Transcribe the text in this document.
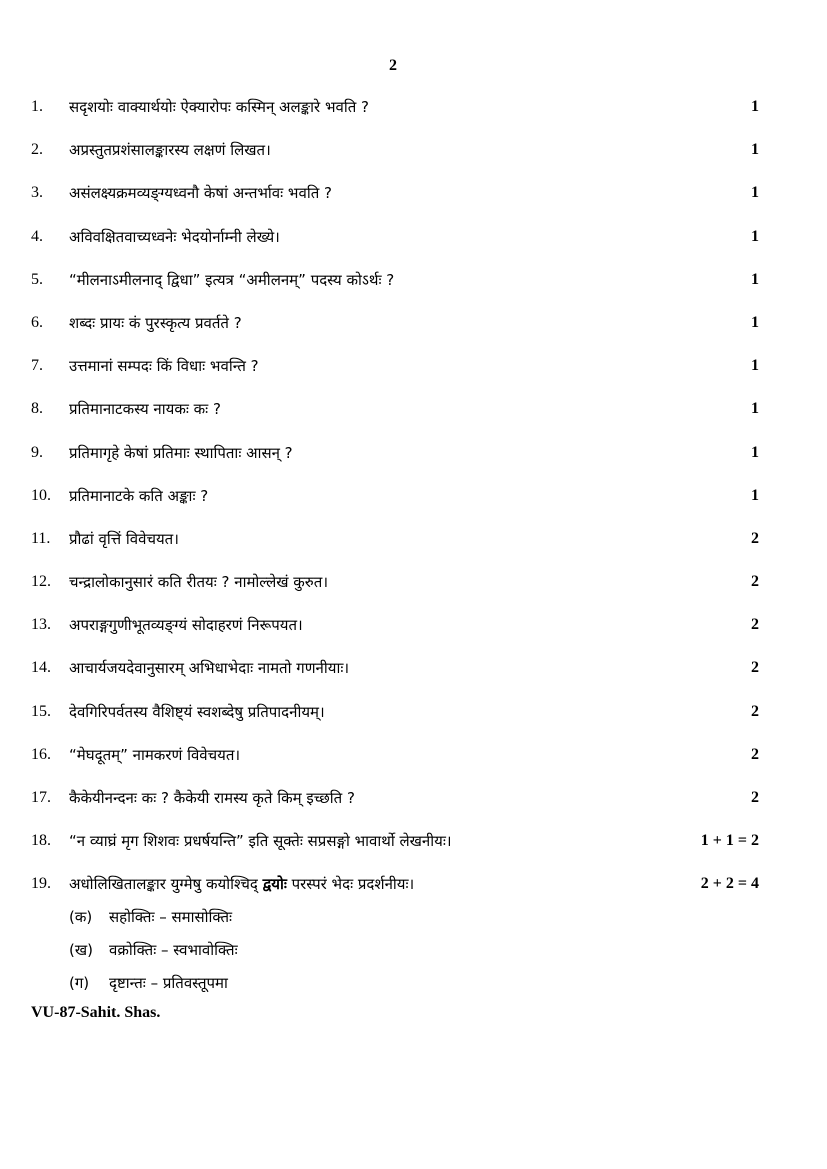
2
1.	सदृशयोः वाक्यार्थयोः ऐक्यारोपः कस्मिन् अलङ्कारे भवति ?	1
2.	अप्रस्तुतप्रशंसालङ्कारस्य लक्षणं लिखत।	1
3.	असंलक्ष्यक्रमव्यङ्ग्यध्वनौ केषां अन्तर्भावः भवति ?	1
4.	अविवक्षितवाच्यध्वनेः भेदयोर्नाम्नी लेख्ये।	1
5.	“मीलनाऽमीलनाद् द्विधा” इत्यत्र “अमीलनम्” पदस्य कोऽर्थः ?	1
6.	शब्दः प्रायः कं पुरस्कृत्य प्रवर्तते ?	1
7.	उत्तमानां सम्पदः किं विधाः भवन्ति ?	1
8.	प्रतिमानाटकस्य नायकः कः ?	1
9.	प्रतिमागृहे केषां प्रतिमाः स्थापिताः आसन् ?	1
10.	प्रतिमानाटके कति अङ्काः ?	1
11.	प्रौढां वृत्तिं विवेचयत।	2
12.	चन्द्रालोकानुसारं कति रीतयः ? नामोल्लेखं कुरुत।	2
13.	अपराङ्गगुणीभूतव्यङ्ग्यं सोदाहरणं निरूपयत।	2
14.	आचार्यजयदेवानुसारम् अभिधाभेदाः नामतो गणनीयाः।	2
15.	देवगिरिपर्वतस्य वैशिष्ट्यं स्वशब्देषु प्रतिपादनीयम्।	2
16.	“मेघदूतम्” नामकरणं विवेचयत।	2
17.	कैकेयीनन्दनः कः ? कैकेयी रामस्य कृते किम् इच्छति ?	2
18.	“न व्याघ्रं मृग शिशवः प्रधर्षयन्ति” इति सूक्तेः सप्रसङ्गो भावार्थो लेखनीयः।	1 + 1 = 2
19.	अधोलिखितालङ्कार युग्मेषु कयोश्चिद् द्वयोः परस्परं भेदः प्रदर्शनीयः।	2 + 2 = 4
(क) सहोक्तिः – समासोक्तिः
(ख) वक्रोक्तिः – स्वभावोक्तिः
(ग) दृष्टान्तः – प्रतिवस्तूपमा
VU-87-Sahit. Shas.
